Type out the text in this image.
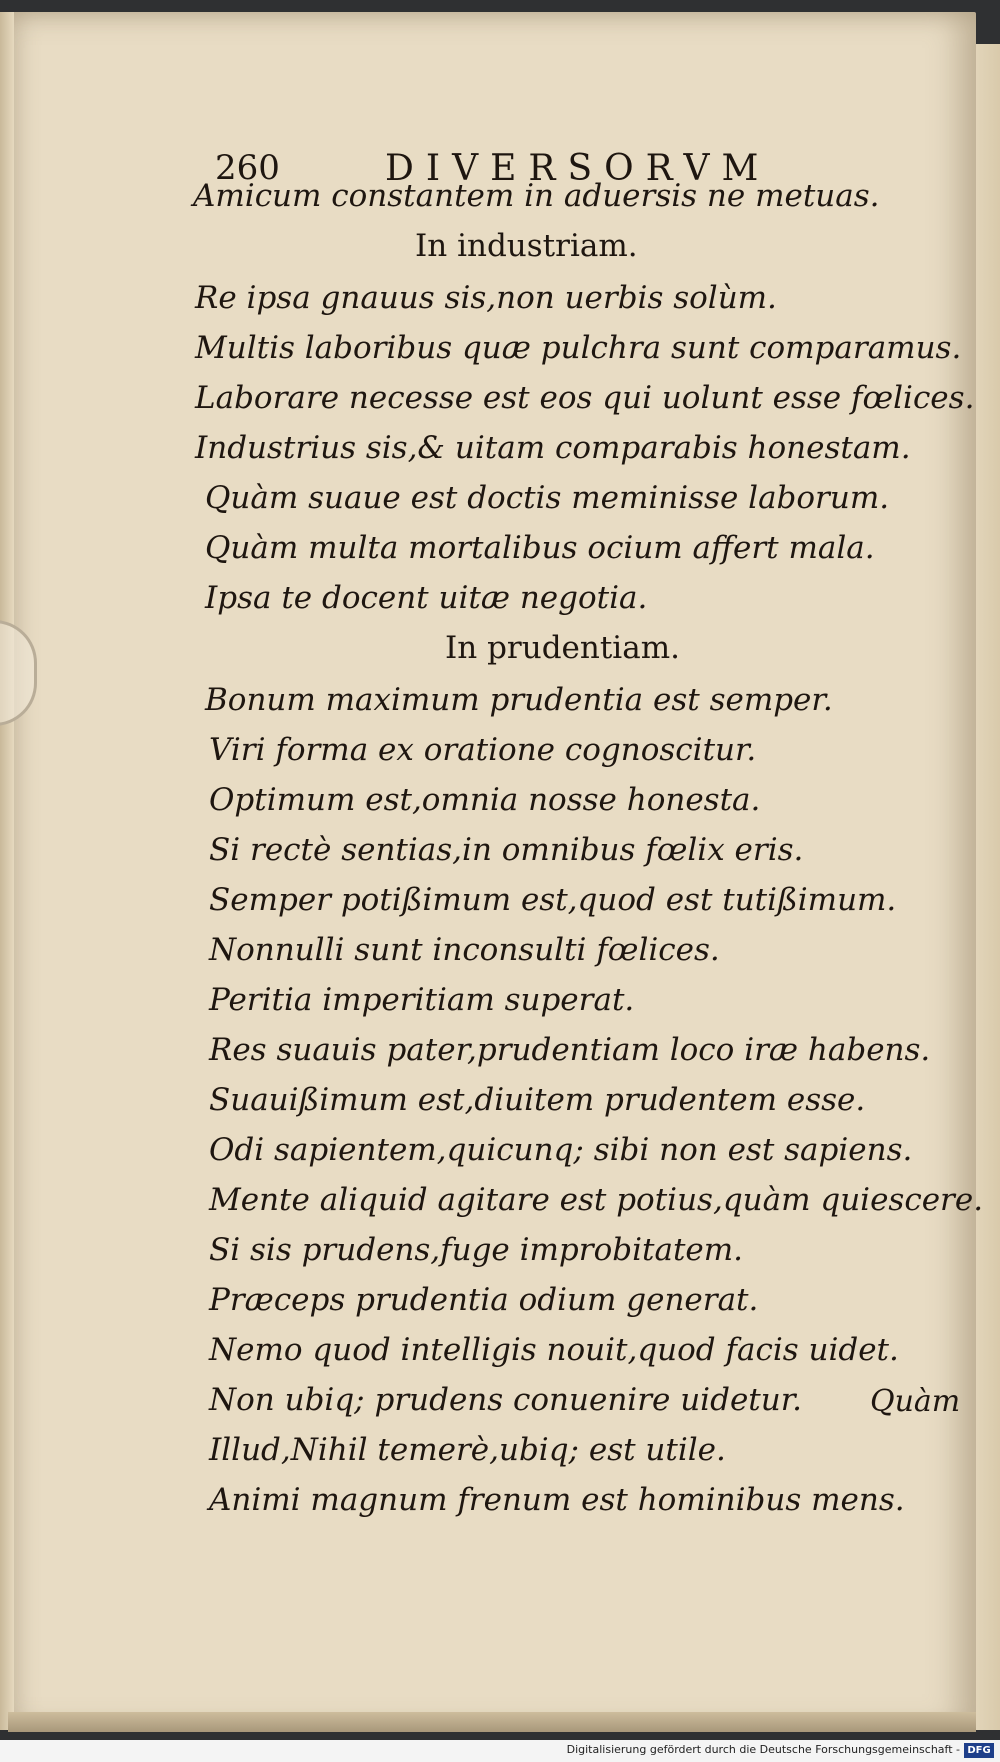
260	DIVERSORVM
Amicum constantem in aduersis ne metuas.
In industriam.
Re ipsa gnauus sis,non uerbis solùm.
Multis laboribus quæ pulchra sunt comparamus.
Laborare necesse est eos qui uolunt esse fœlices.
Industrius sis,& uitam comparabis honestam.
Quàm suaue est doctis meminisse laborum.
Quàm multa mortalibus ocium affert mala.
Ipsa te docent uitæ negotia.
In prudentiam.
Bonum maximum prudentia est semper.
Viri forma ex oratione cognoscitur.
Optimum est,omnia nosse honesta.
Si rectè sentias,in omnibus fœlix eris.
Semper potißimum est,quod est tutißimum.
Nonnulli sunt inconsulti fœlices.
Peritia imperitiam superat.
Res suauis pater,prudentiam loco iræ habens.
Suauißimum est,diuitem prudentem esse.
Odi sapientem,quicunq; sibi non est sapiens.
Mente aliquid agitare est potius,quàm quiescere.
Si sis prudens,fuge improbitatem.
Præceps prudentia odium generat.
Nemo quod intelligis nouit,quod facis uidet.
Non ubiq; prudens conuenire uidetur.
Illud,Nihil temerè,ubiq; est utile.
Animi magnum frenum est hominibus mens.
Quàm
Digitalisierung gefördert durch die Deutsche Forschungsgemeinschaft - DFG
